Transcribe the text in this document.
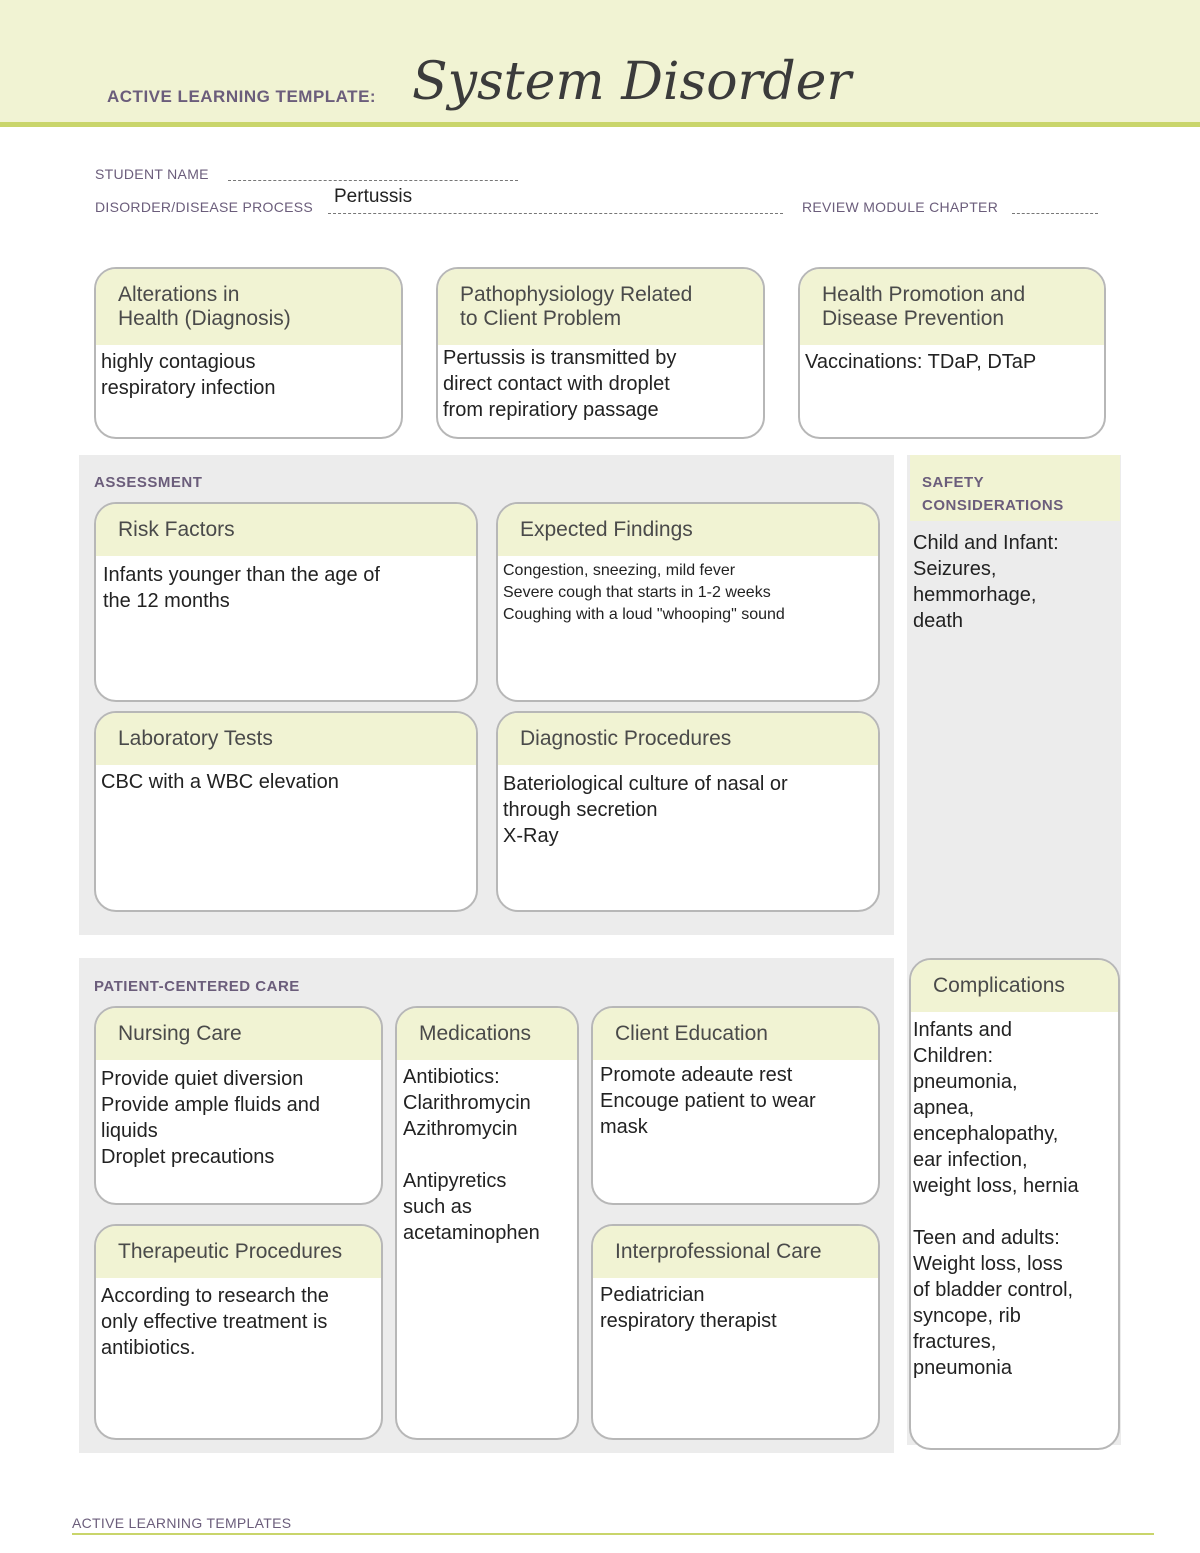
ACTIVE LEARNING TEMPLATE: System Disorder
STUDENT NAME
DISORDER/DISEASE PROCESS Pertussis	REVIEW MODULE CHAPTER
Alterations in
Health (Diagnosis)
highly contagious
respiratory infection
Pathophysiology Related
to Client Problem
Pertussis is transmitted by
direct contact with droplet
from repiratiory passage
Health Promotion and
Disease Prevention
Vaccinations: TDaP, DTaP
ASSESSMENT
Risk Factors
Infants younger than the age of
the 12 months
Expected Findings
Congestion, sneezing, mild fever
Severe cough that starts in 1-2 weeks
Coughing with a loud "whooping" sound
Laboratory Tests
CBC with a WBC elevation
Diagnostic Procedures
Bateriological culture of nasal or
through secretion
X-Ray
SAFETY
CONSIDERATIONS
Child and Infant:
Seizures,
hemmorhage,
death
PATIENT-CENTERED CARE
Nursing Care
Provide quiet diversion
Provide ample fluids and
liquids
Droplet precautions
Medications
Antibiotics:
Clarithromycin
Azithromycin

Antipyretics
such as
acetaminophen
Client Education
Promote adeaute rest
Encouge patient to wear
mask
Therapeutic Procedures
According to research the
only effective treatment is
antibiotics.
Interprofessional Care
Pediatrician
respiratory therapist
Complications
Infants and
Children:
pneumonia,
apnea,
encephalopathy,
ear infection,
weight loss, hernia

Teen and adults:
Weight loss, loss
of bladder control,
syncope, rib
fractures,
pneumonia
ACTIVE LEARNING TEMPLATES
